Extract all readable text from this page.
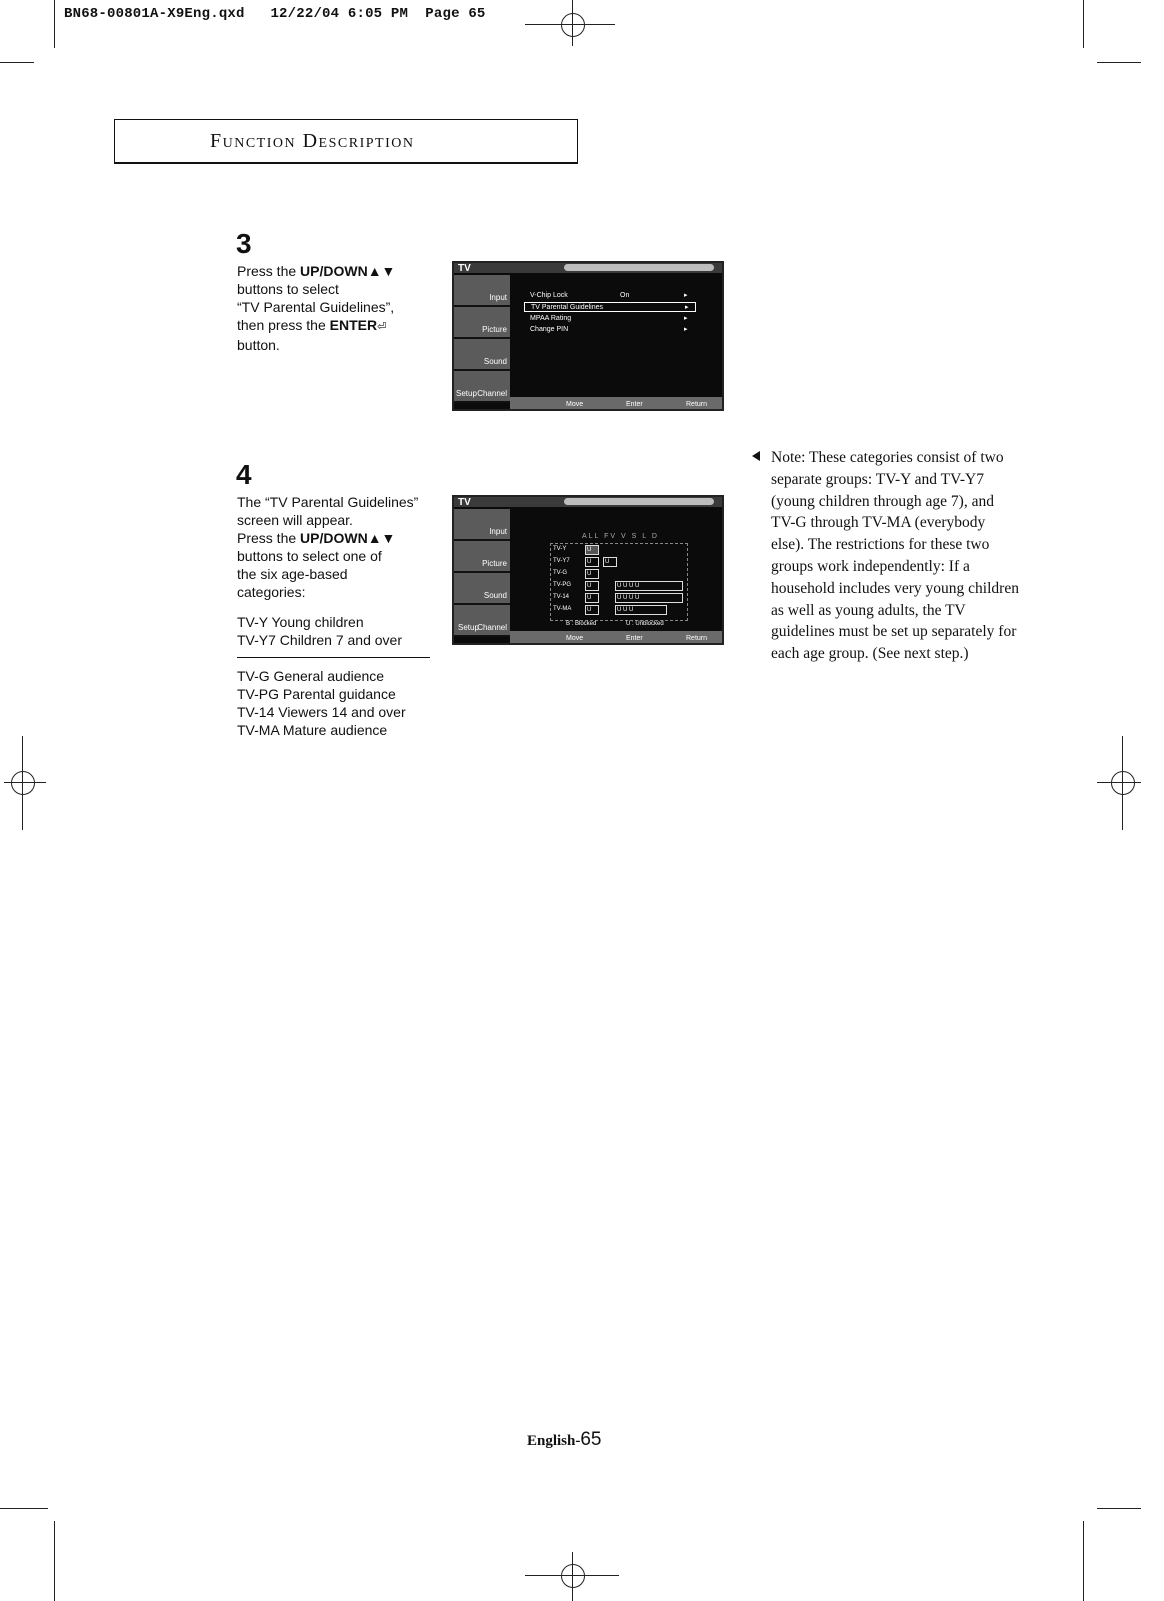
BN68-00801A-X9Eng.qxd 12/22/04 6:05 PM Page 65
Function Description
3
Press the UP/DOWN▲▼
buttons to select
“TV Parental Guidelines”,
then press the ENTER⏎
button.
TV
Input
Picture
Sound
Channel
Setup
V-Chip Lock	On	▸
TV Parental Guidelines	▸
MPAA Rating	▸
Change PIN	▸
Move	Enter	Return
4
The “TV Parental Guidelines”
screen will appear.
Press the UP/DOWN▲▼
buttons to select one of
the six age-based
categories:
TV-Y Young children
TV-Y7 Children 7 and over
TV-G General audience
TV-PG Parental guidance
TV-14 Viewers 14 and over
TV-MA Mature audience
TV
Input
Picture
Sound
Channel
Setup
ALL FV V S L D
TV-Y	U
TV-Y7	U	U
TV-G	U
TV-PG	U	U U U U
TV-14	U	U U U U
TV-MA	U	U U U
B : Blocked	U : Unblocked
Move	Enter	Return
Note: These categories consist of two separate groups: TV-Y and TV-Y7 (young children through age 7), and TV-G through TV-MA (everybody else). The restrictions for these two groups work independently: If a household includes very young children as well as young adults, the TV guidelines must be set up separately for each age group. (See next step.)
English-65
